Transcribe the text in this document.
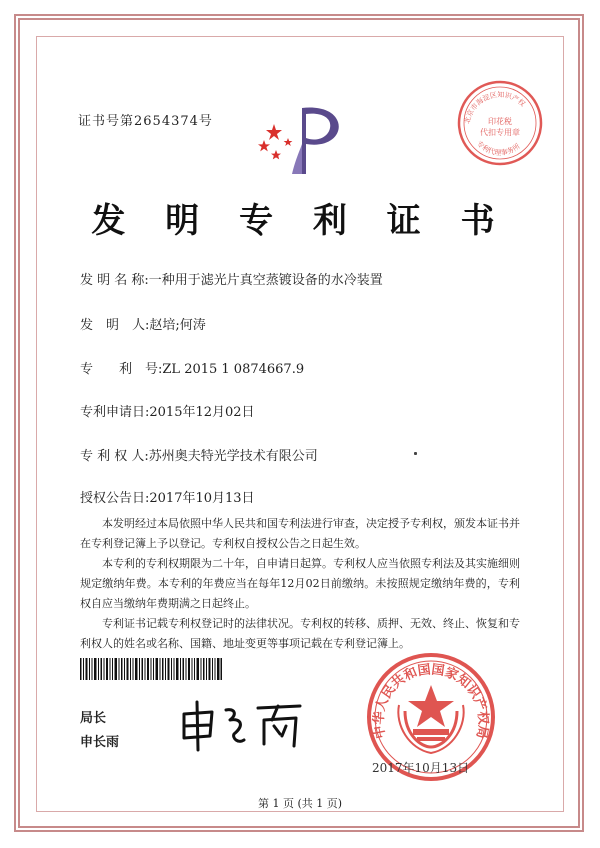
证书号第2654374号
发 明 专 利 证 书
发 明 名 称:一种用于滤光片真空蒸镀设备的水冷装置
发　明　人:赵培;何涛
专　　利　号:ZL 2015 1 0874667.9
专利申请日:2015年12月02日
专 利 权 人:苏州奥夫特光学技术有限公司
授权公告日:2017年10月13日

本发明经过本局依照中华人民共和国专利法进行审查，决定授予专利权，颁发本证书并在专利登记簿上予以登记。专利权自授权公告之日起生效。

本专利的专利权期限为二十年，自申请日起算。专利权人应当依照专利法及其实施细则规定缴纳年费。本专利的年费应当在每年12月02日前缴纳。未按照规定缴纳年费的，专利权自应当缴纳年费期满之日起终止。

专利证书记载专利权登记时的法律状况。专利权的转移、质押、无效、终止、恢复和专利权人的姓名或名称、国籍、地址变更等事项记载在专利登记簿上。

局长
申长雨
中华人民共和国国家知识产权局
2017年10月13日
北京市海淀区知识产权
印花税
代扣专用章
专利代理事务所
第 1 页 (共 1 页)
